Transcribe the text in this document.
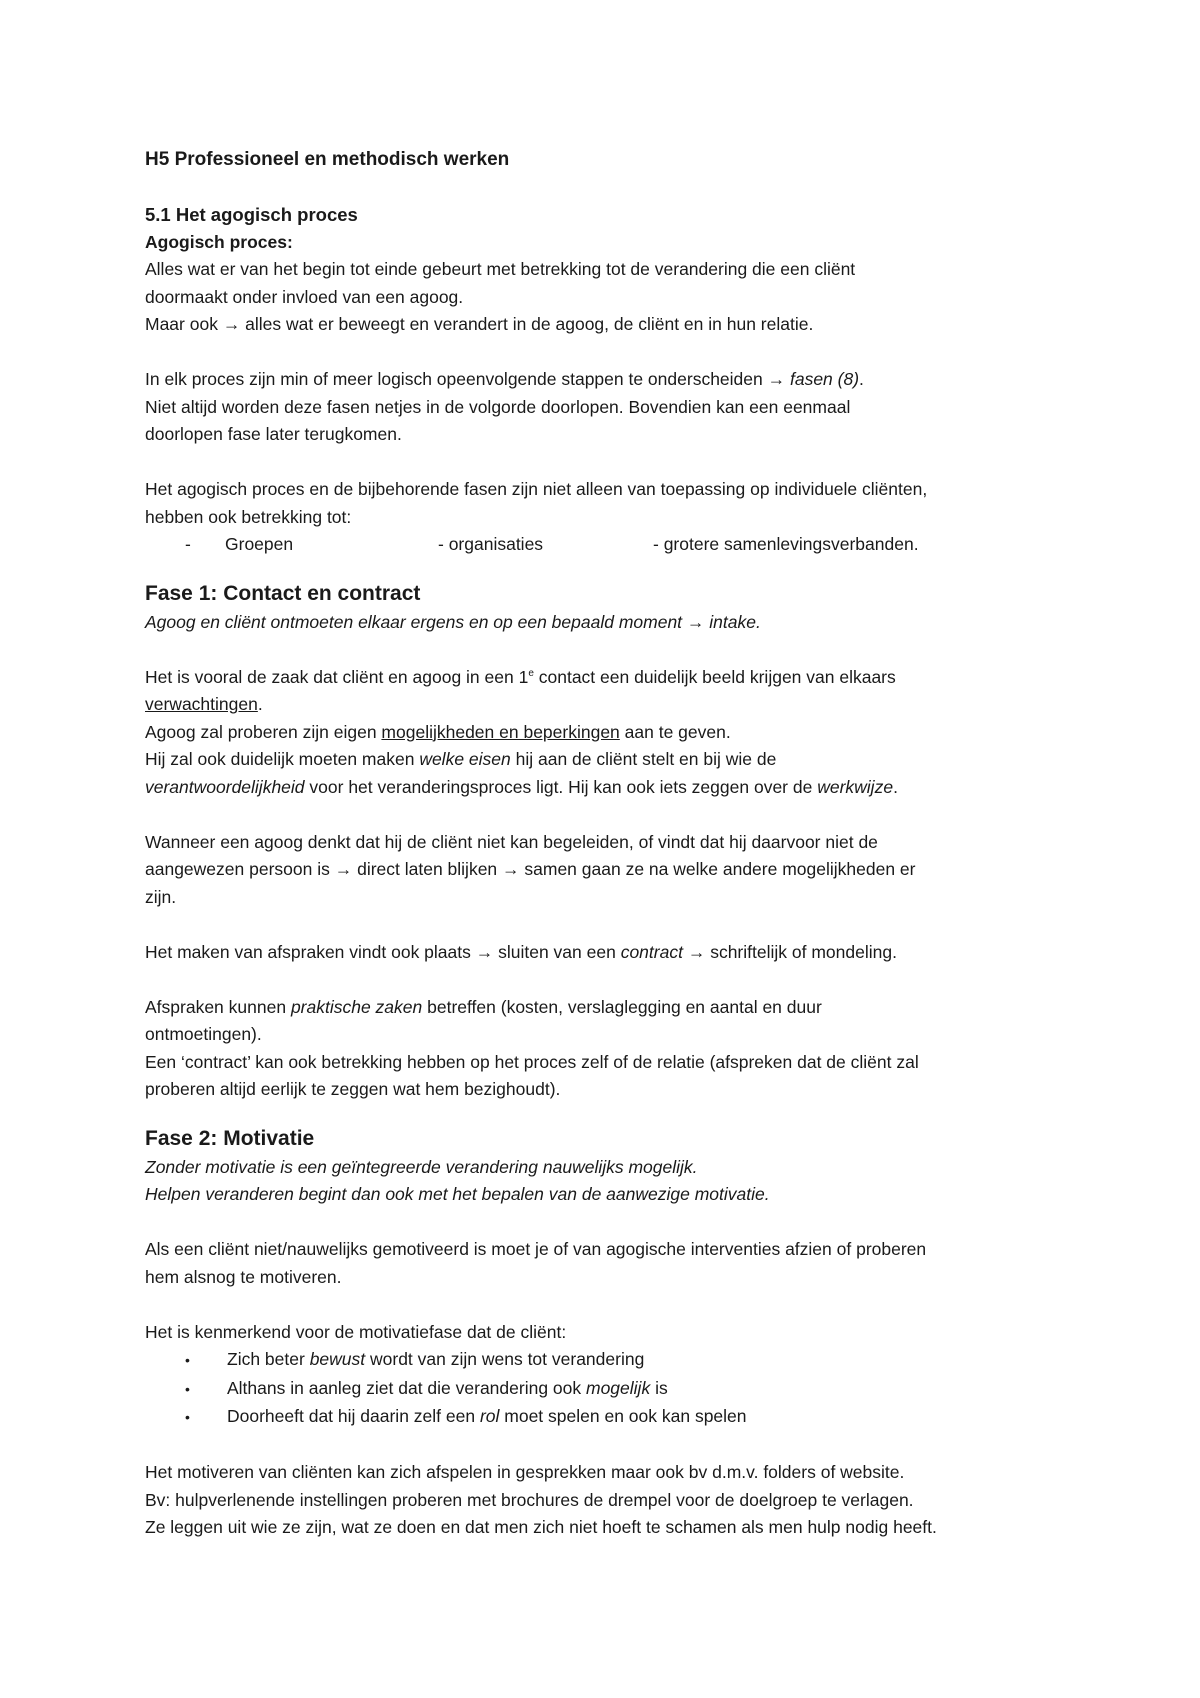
H5 Professioneel en methodisch werken

5.1 Het agogisch proces

Agogisch proces:

Alles wat er van het begin tot einde gebeurt met betrekking tot de verandering die een cliënt

doormaakt onder invloed van een agoog.

Maar ook → alles wat er beweegt en verandert in de agoog, de cliënt en in hun relatie.

In elk proces zijn min of meer logisch opeenvolgende stappen te onderscheiden → fasen (8).

Niet altijd worden deze fasen netjes in de volgorde doorlopen. Bovendien kan een eenmaal

doorlopen fase later terugkomen.

Het agogisch proces en de bijbehorende fasen zijn niet alleen van toepassing op individuele cliënten,

hebben ook betrekking tot:

-	Groepen	- organisaties	- grotere samenlevingsverbanden.

Fase 1: Contact en contract

Agoog en cliënt ontmoeten elkaar ergens en op een bepaald moment → intake.

Het is vooral de zaak dat cliënt en agoog in een 1e contact een duidelijk beeld krijgen van elkaars

verwachtingen.

Agoog zal proberen zijn eigen mogelijkheden en beperkingen aan te geven.

Hij zal ook duidelijk moeten maken welke eisen hij aan de cliënt stelt en bij wie de

verantwoordelijkheid voor het veranderingsproces ligt. Hij kan ook iets zeggen over de werkwijze.

Wanneer een agoog denkt dat hij de cliënt niet kan begeleiden, of vindt dat hij daarvoor niet de

aangewezen persoon is → direct laten blijken → samen gaan ze na welke andere mogelijkheden er

zijn.

Het maken van afspraken vindt ook plaats → sluiten van een contract → schriftelijk of mondeling.

Afspraken kunnen praktische zaken betreffen (kosten, verslaglegging en aantal en duur

ontmoetingen).

Een ‘contract’ kan ook betrekking hebben op het proces zelf of de relatie (afspreken dat de cliënt zal

proberen altijd eerlijk te zeggen wat hem bezighoudt).

Fase 2: Motivatie

Zonder motivatie is een geïntegreerde verandering nauwelijks mogelijk.

Helpen veranderen begint dan ook met het bepalen van de aanwezige motivatie.

Als een cliënt niet/nauwelijks gemotiveerd is moet je of van agogische interventies afzien of proberen

hem alsnog te motiveren.

Het is kenmerkend voor de motivatiefase dat de cliënt:

•	Zich beter bewust wordt van zijn wens tot verandering
•	Althans in aanleg ziet dat die verandering ook mogelijk is
•	Doorheeft dat hij daarin zelf een rol moet spelen en ook kan spelen

Het motiveren van cliënten kan zich afspelen in gesprekken maar ook bv d.m.v. folders of website.

Bv: hulpverlenende instellingen proberen met brochures de drempel voor de doelgroep te verlagen.

Ze leggen uit wie ze zijn, wat ze doen en dat men zich niet hoeft te schamen als men hulp nodig heeft.
